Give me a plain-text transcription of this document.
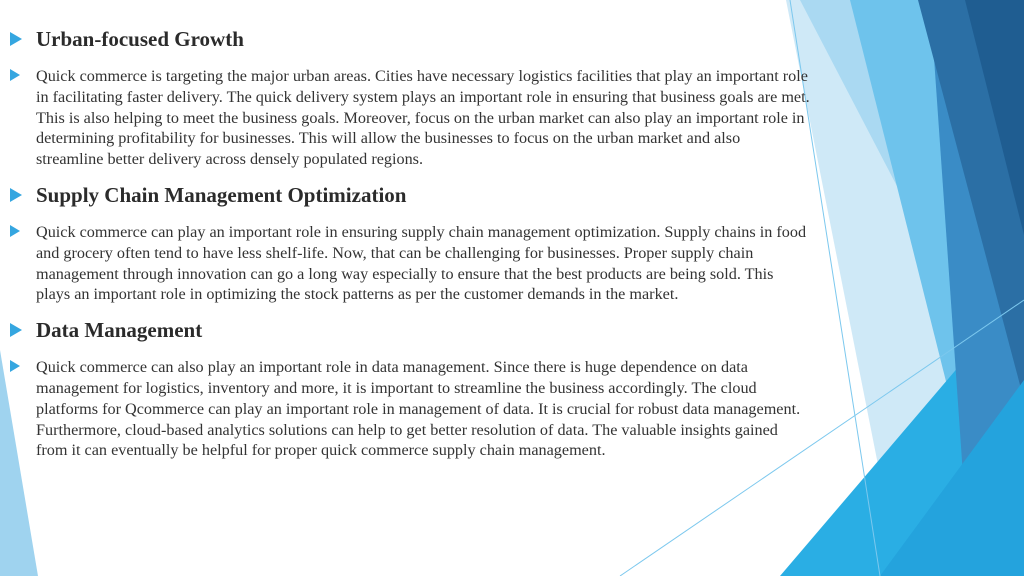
Urban-focused Growth
Quick commerce is targeting the major urban areas. Cities have necessary logistics facilities that play an important role in facilitating faster delivery. The quick delivery system plays an important role in ensuring that business goals are met. This is also helping to meet the business goals. Moreover, focus on the urban market can also play an important role in determining profitability for businesses. This will allow the businesses to focus on the urban market and also streamline better delivery across densely populated regions.
Supply Chain Management Optimization
Quick commerce can play an important role in ensuring supply chain management optimization. Supply chains in food and grocery often tend to have less shelf-life. Now, that can be challenging for businesses. Proper supply chain management through innovation can go a long way especially to ensure that the best products are being sold. This plays an important role in optimizing the stock patterns as per the customer demands in the market.
Data Management
Quick commerce can also play an important role in data management. Since there is huge dependence on data management for logistics, inventory and more, it is important to streamline the business accordingly. The cloud platforms for Qcommerce can play an important role in management of data. It is crucial for robust data management. Furthermore, cloud-based analytics solutions can help to get better resolution of data. The valuable insights gained from it can eventually be helpful for proper quick commerce supply chain management.
